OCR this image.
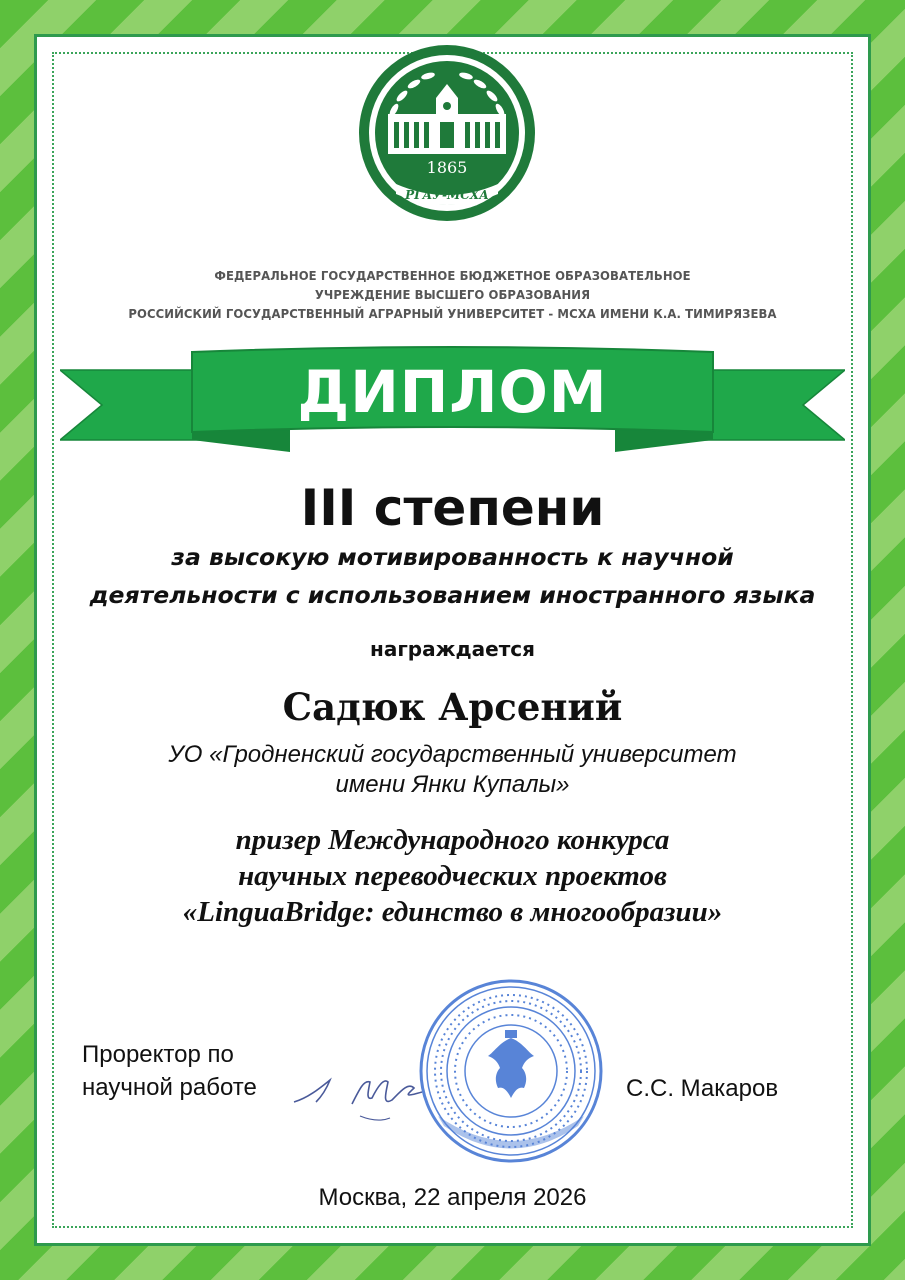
1865
РГАУ-МСХА
ФЕДЕРАЛЬНОЕ ГОСУДАРСТВЕННОЕ БЮДЖЕТНОЕ ОБРАЗОВАТЕЛЬНОЕ
УЧРЕЖДЕНИЕ ВЫСШЕГО ОБРАЗОВАНИЯ
РОССИЙСКИЙ ГОСУДАРСТВЕННЫЙ АГРАРНЫЙ УНИВЕРСИТЕТ - МСХА ИМЕНИ К.А. ТИМИРЯЗЕВА
ДИПЛОМ
III степени
за высокую мотивированность к научной
деятельности с использованием иностранного языка
награждается
Садюк Арсений
УО «Гродненский государственный университет
имени Янки Купалы»
призер Международного конкурса
научных переводческих проектов
«LinguaBridge: единство в многообразии»
Проректор по
научной работе	С.С. Макаров
Москва, 22 апреля 2026
